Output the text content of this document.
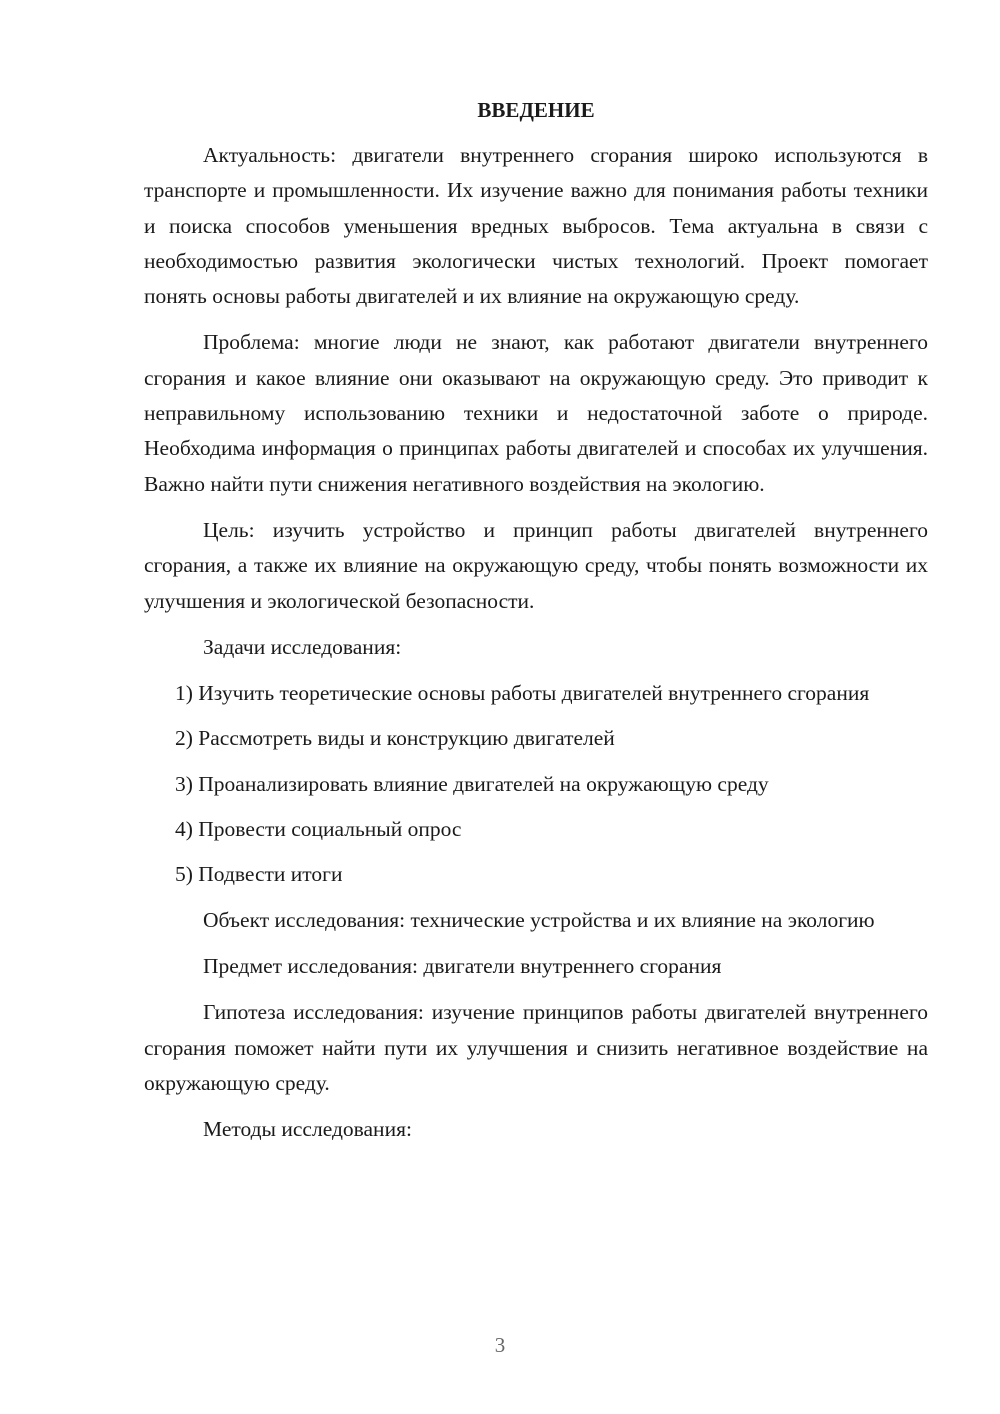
ВВЕДЕНИЕ

Актуальность: двигатели внутреннего сгорания широко используются в транспорте и промышленности. Их изучение важно для понимания работы техники и поиска способов уменьшения вредных выбросов. Тема актуальна в связи с необходимостью развития экологически чистых технологий. Проект помогает понять основы работы двигателей и их влияние на окружающую среду.

Проблема: многие люди не знают, как работают двигатели внутреннего сгорания и какое влияние они оказывают на окружающую среду. Это приводит к неправильному использованию техники и недостаточной заботе о природе. Необходима информация о принципах работы двигателей и способах их улучшения. Важно найти пути снижения негативного воздействия на экологию.

Цель: изучить устройство и принцип работы двигателей внутреннего сгорания, а также их влияние на окружающую среду, чтобы понять возможности их улучшения и экологической безопасности.

Задачи исследования:

1) Изучить теоретические основы работы двигателей внутреннего сгорания

2) Рассмотреть виды и конструкцию двигателей

3) Проанализировать влияние двигателей на окружающую среду

4) Провести социальный опрос

5) Подвести итоги

Объект исследования: технические устройства и их влияние на экологию

Предмет исследования: двигатели внутреннего сгорания

Гипотеза исследования: изучение принципов работы двигателей внутреннего сгорания поможет найти пути их улучшения и снизить негативное воздействие на окружающую среду.

Методы исследования:

3
